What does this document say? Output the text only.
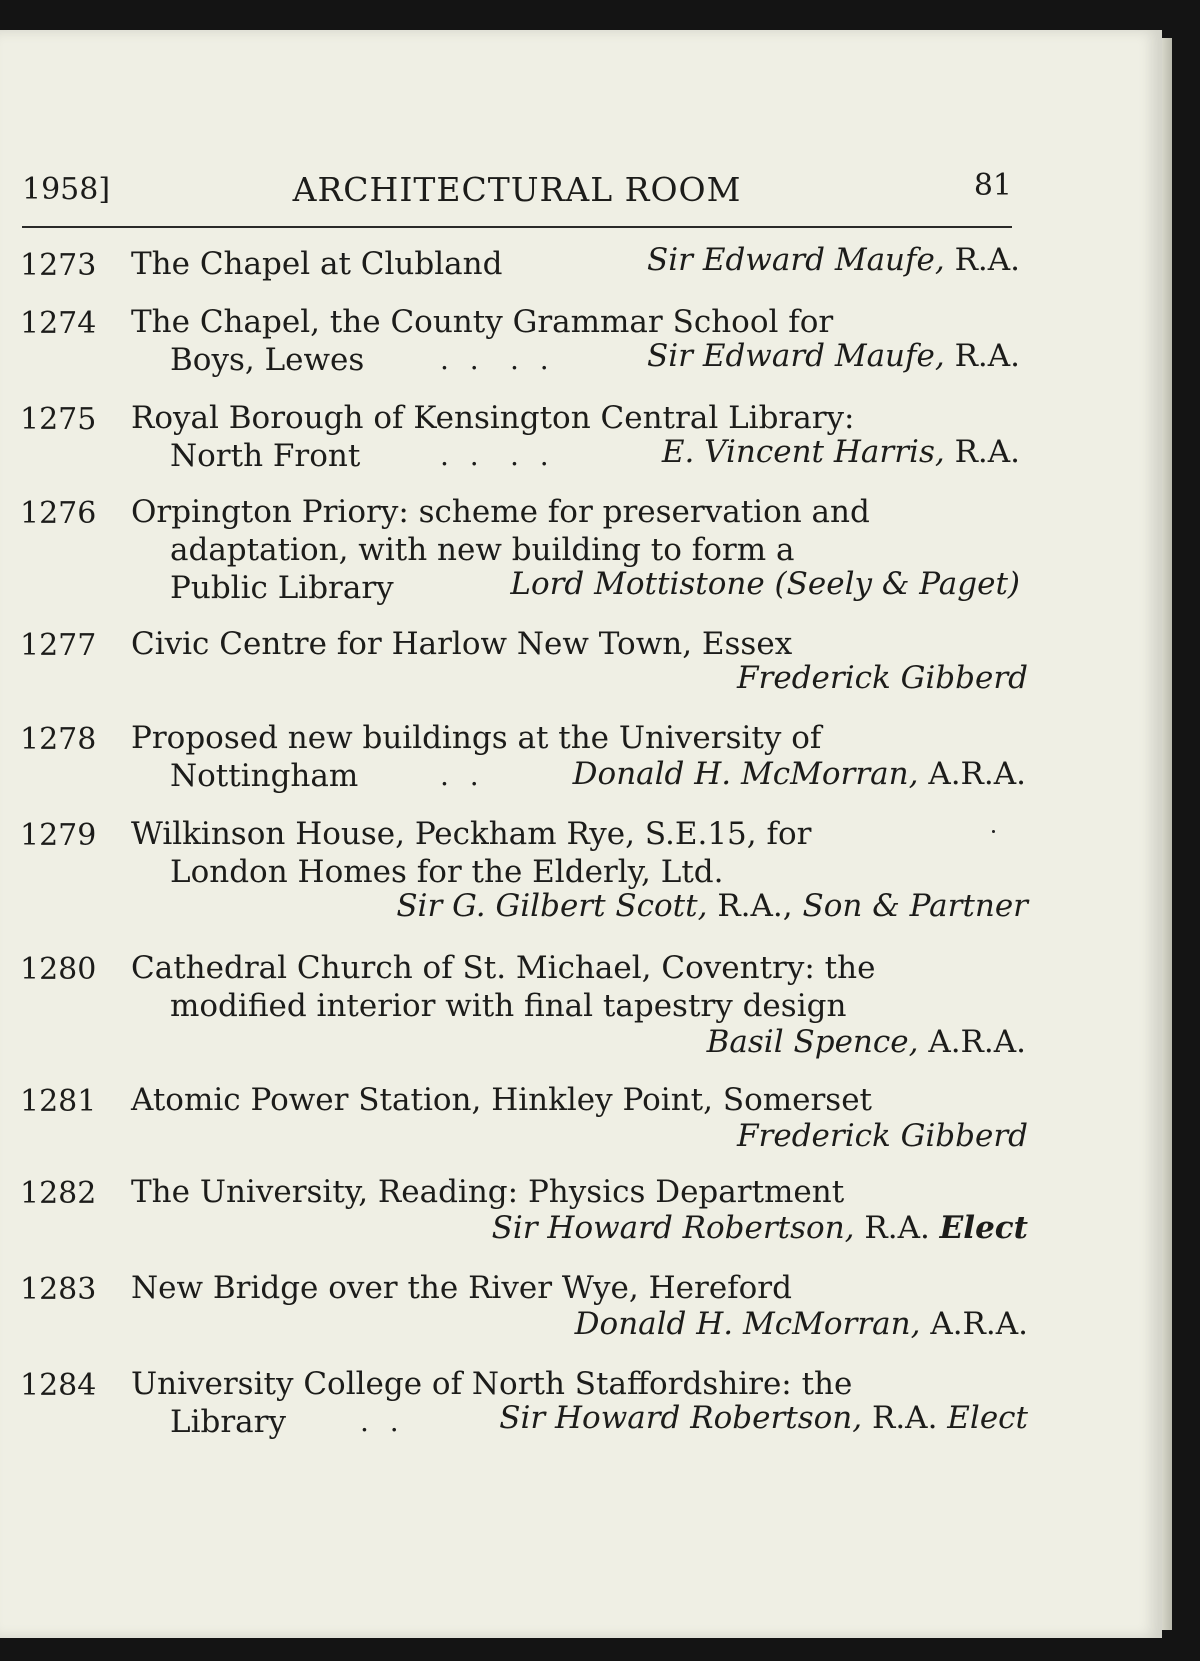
1958]	ARCHITECTURAL ROOM	81
1273 The Chapel at Clubland	Sir Edward Maufe, R.A.
1274 The Chapel, the County Grammar School for
Boys, Lewes	. . . .	Sir Edward Maufe, R.A.
1275 Royal Borough of Kensington Central Library:
North Front	. . . .	E. Vincent Harris, R.A.
1276 Orpington Priory: scheme for preservation and
adaptation, with new building to form a
Public Library	Lord Mottistone (Seely & Paget)
1277 Civic Centre for Harlow New Town, Essex
Frederick Gibberd
1278 Proposed new buildings at the University of
Nottingham	. .	Donald H. McMorran, A.R.A.
1279 Wilkinson House, Peckham Rye, S.E.15, for
London Homes for the Elderly, Ltd.
Sir G. Gilbert Scott, R.A., Son & Partner
1280 Cathedral Church of St. Michael, Coventry: the
modified interior with final tapestry design
Basil Spence, A.R.A.
1281 Atomic Power Station, Hinkley Point, Somerset
Frederick Gibberd
1282 The University, Reading: Physics Department
Sir Howard Robertson, R.A. Elect
1283 New Bridge over the River Wye, Hereford
Donald H. McMorran, A.R.A.
1284 University College of North Staffordshire: the
Library	. .	Sir Howard Robertson, R.A. Elect
